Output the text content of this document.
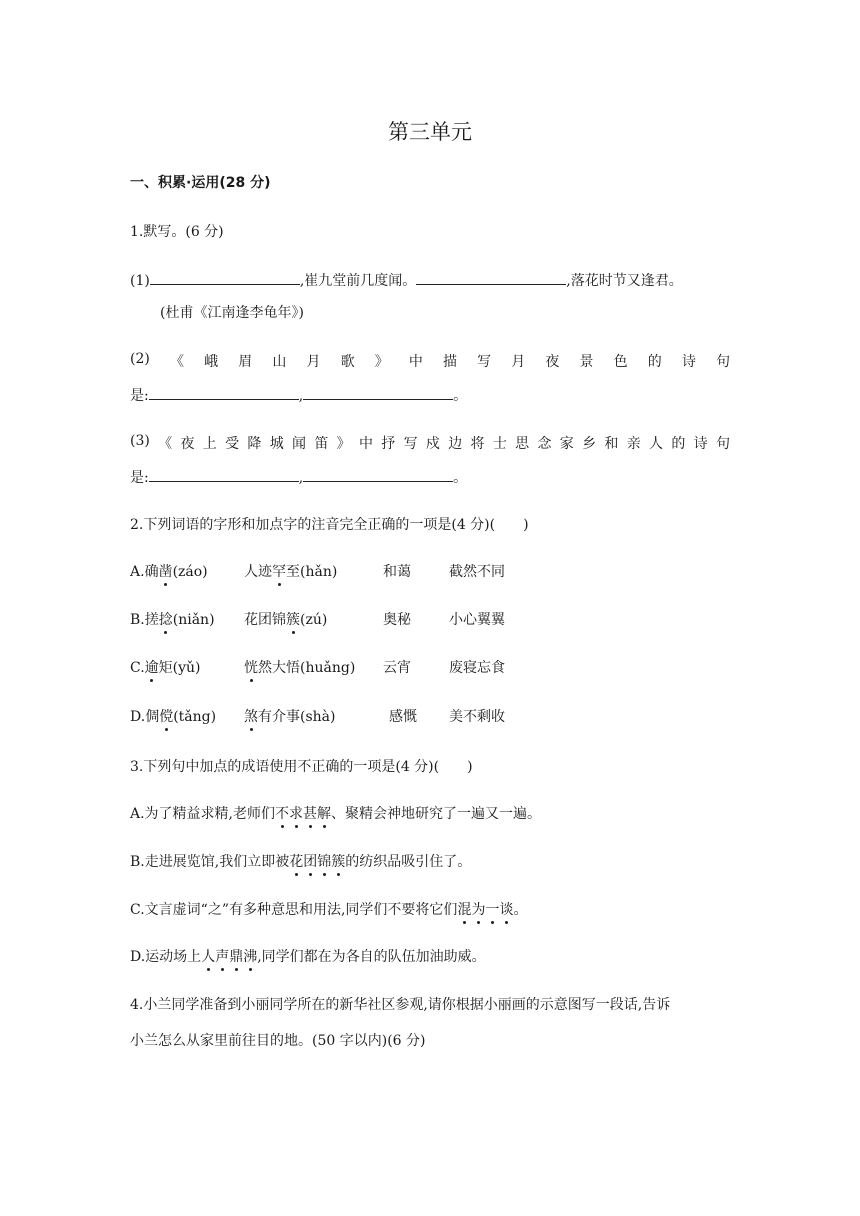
第三单元
一、积累·运用(28 分)
1.默写。(6 分)
(1)	,崔九堂前几度闻。	,落花时节又逢君。
(杜甫《江南逢李龟年》)
(2) 《 峨 眉 山 月 歌 》 中 描 写 月 夜 景 色 的 诗 句
是:	,	。
(3) 《 夜 上 受 降 城 闻 笛 》 中 抒 写 戍 边 将 士 思 念 家 乡 和 亲 人 的 诗 句
是:	,	。
2.下列词语的字形和加点字的注音完全正确的一项是(4 分)(　　)
A.确凿(záo)	人迹罕至(hǎn)	和蔼	截然不同
B.搓捻(niǎn) 花团锦簇(zú)	奥秘	小心翼翼
C.逾矩(yǔ)	恍然大悟(huǎng) 云宵	废寝忘食
D.倜傥(tǎng) 煞有介事(shà)	感慨 美不剩收
3.下列句中加点的成语使用不正确的一项是(4 分)(　　)
A.为了精益求精,老师们不求甚解、聚精会神地研究了一遍又一遍。
B.走进展览馆,我们立即被花团锦簇的纺织品吸引住了。
C.文言虚词“之”有多种意思和用法,同学们不要将它们混为一谈。
D.运动场上人声鼎沸,同学们都在为各自的队伍加油助威。
4.小兰同学准备到小丽同学所在的新华社区参观,请你根据小丽画的示意图写一段话,告诉
小兰怎么从家里前往目的地。(50 字以内)(6 分)
